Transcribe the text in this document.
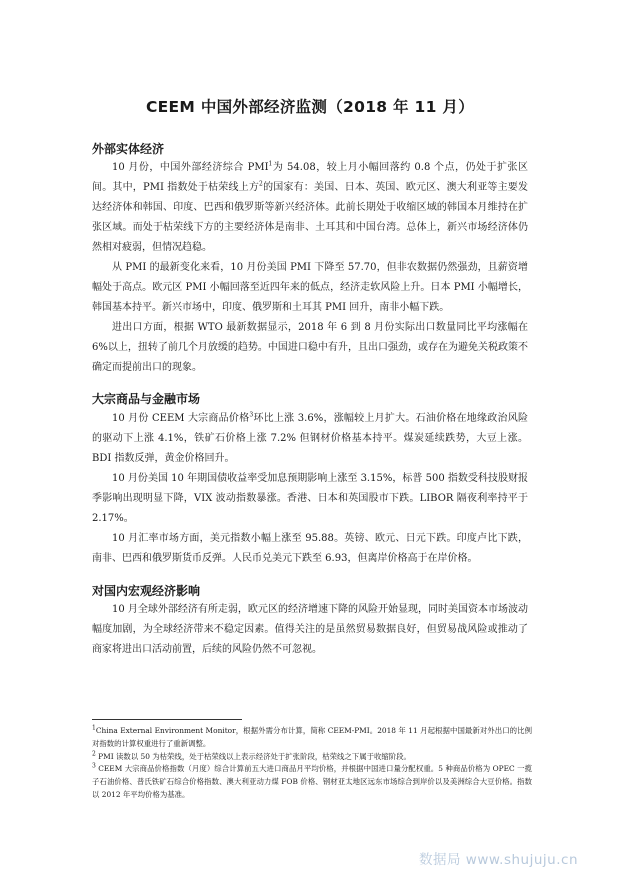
CEEM 中国外部经济监测（2018 年 11 月）
外部实体经济

10 月份，中国外部经济综合 PMI$^1$为 54.08，较上月小幅回落约 0.8 个点，仍处于扩张区间。其中，PMI 指数处于枯荣线上方$^2$的国家有：美国、日本、英国、欧元区、澳大利亚等主要发达经济体和韩国、印度、巴西和俄罗斯等新兴经济体。此前长期处于收缩区域的韩国本月维持在扩张区域。而处于枯荣线下方的主要经济体是南非、土耳其和中国台湾。总体上，新兴市场经济体仍然相对疲弱，但情况趋稳。

从 PMI 的最新变化来看，10 月份美国 PMI 下降至 57.70，但非农数据仍然强劲，且薪资增幅处于高点。欧元区 PMI 小幅回落至近四年来的低点，经济走软风险上升。日本 PMI 小幅增长，韩国基本持平。新兴市场中，印度、俄罗斯和土耳其 PMI 回升，南非小幅下跌。

进出口方面，根据 WTO 最新数据显示，2018 年 6 到 8 月份实际出口数量同比平均涨幅在 6%以上，扭转了前几个月放缓的趋势。中国进口稳中有升，且出口强劲，或存在为避免关税政策不确定而提前出口的现象。

大宗商品与金融市场

10 月份 CEEM 大宗商品价格$^3$环比上涨 3.6%，涨幅较上月扩大。石油价格在地缘政治风险的驱动下上涨 4.1%，铁矿石价格上涨 7.2% 但钢材价格基本持平。煤炭延续跌势，大豆上涨。BDI 指数反弹，黄金价格回升。

10 月份美国 10 年期国债收益率受加息预期影响上涨至 3.15%，标普 500 指数受科技股财报季影响出现明显下降，VIX 波动指数暴涨。香港、日本和英国股市下跌。LIBOR 隔夜利率持平于 2.17%。

10 月汇率市场方面，美元指数小幅上涨至 95.88。英镑、欧元、日元下跌。印度卢比下跌，南非、巴西和俄罗斯货币反弹。人民币兑美元下跌至 6.93，但离岸价格高于在岸价格。

对国内宏观经济影响

10 月全球外部经济有所走弱，欧元区的经济增速下降的风险开始显现，同时美国资本市场波动幅度加剧，为全球经济带来不稳定因素。值得关注的是虽然贸易数据良好，但贸易战风险或推动了商家将进出口活动前置，后续的风险仍然不可忽视。

$^1$China External Environment Monitor，根据外需分布计算，简称 CEEM-PMI。2018 年 11 月起根据中国最新对外出口的比例对指数的计算权重进行了重新调整。

$^2$ PMI 读数以 50 为枯荣线，处于枯荣线以上表示经济处于扩张阶段，枯荣线之下属于收缩阶段。

$^3$ CEEM 大宗商品价格指数（月度）综合计算前五大进口商品月平均价格，并根据中国进口量分配权重。5 种商品价格为 OPEC 一揽子石油价格、普氏铁矿石综合价格指数、澳大利亚动力煤 FOB 价格、钢材亚太地区远东市场综合到岸价以及美洲综合大豆价格。指数以 2012 年平均价格为基准。

数据局 www.shujuju.cn
